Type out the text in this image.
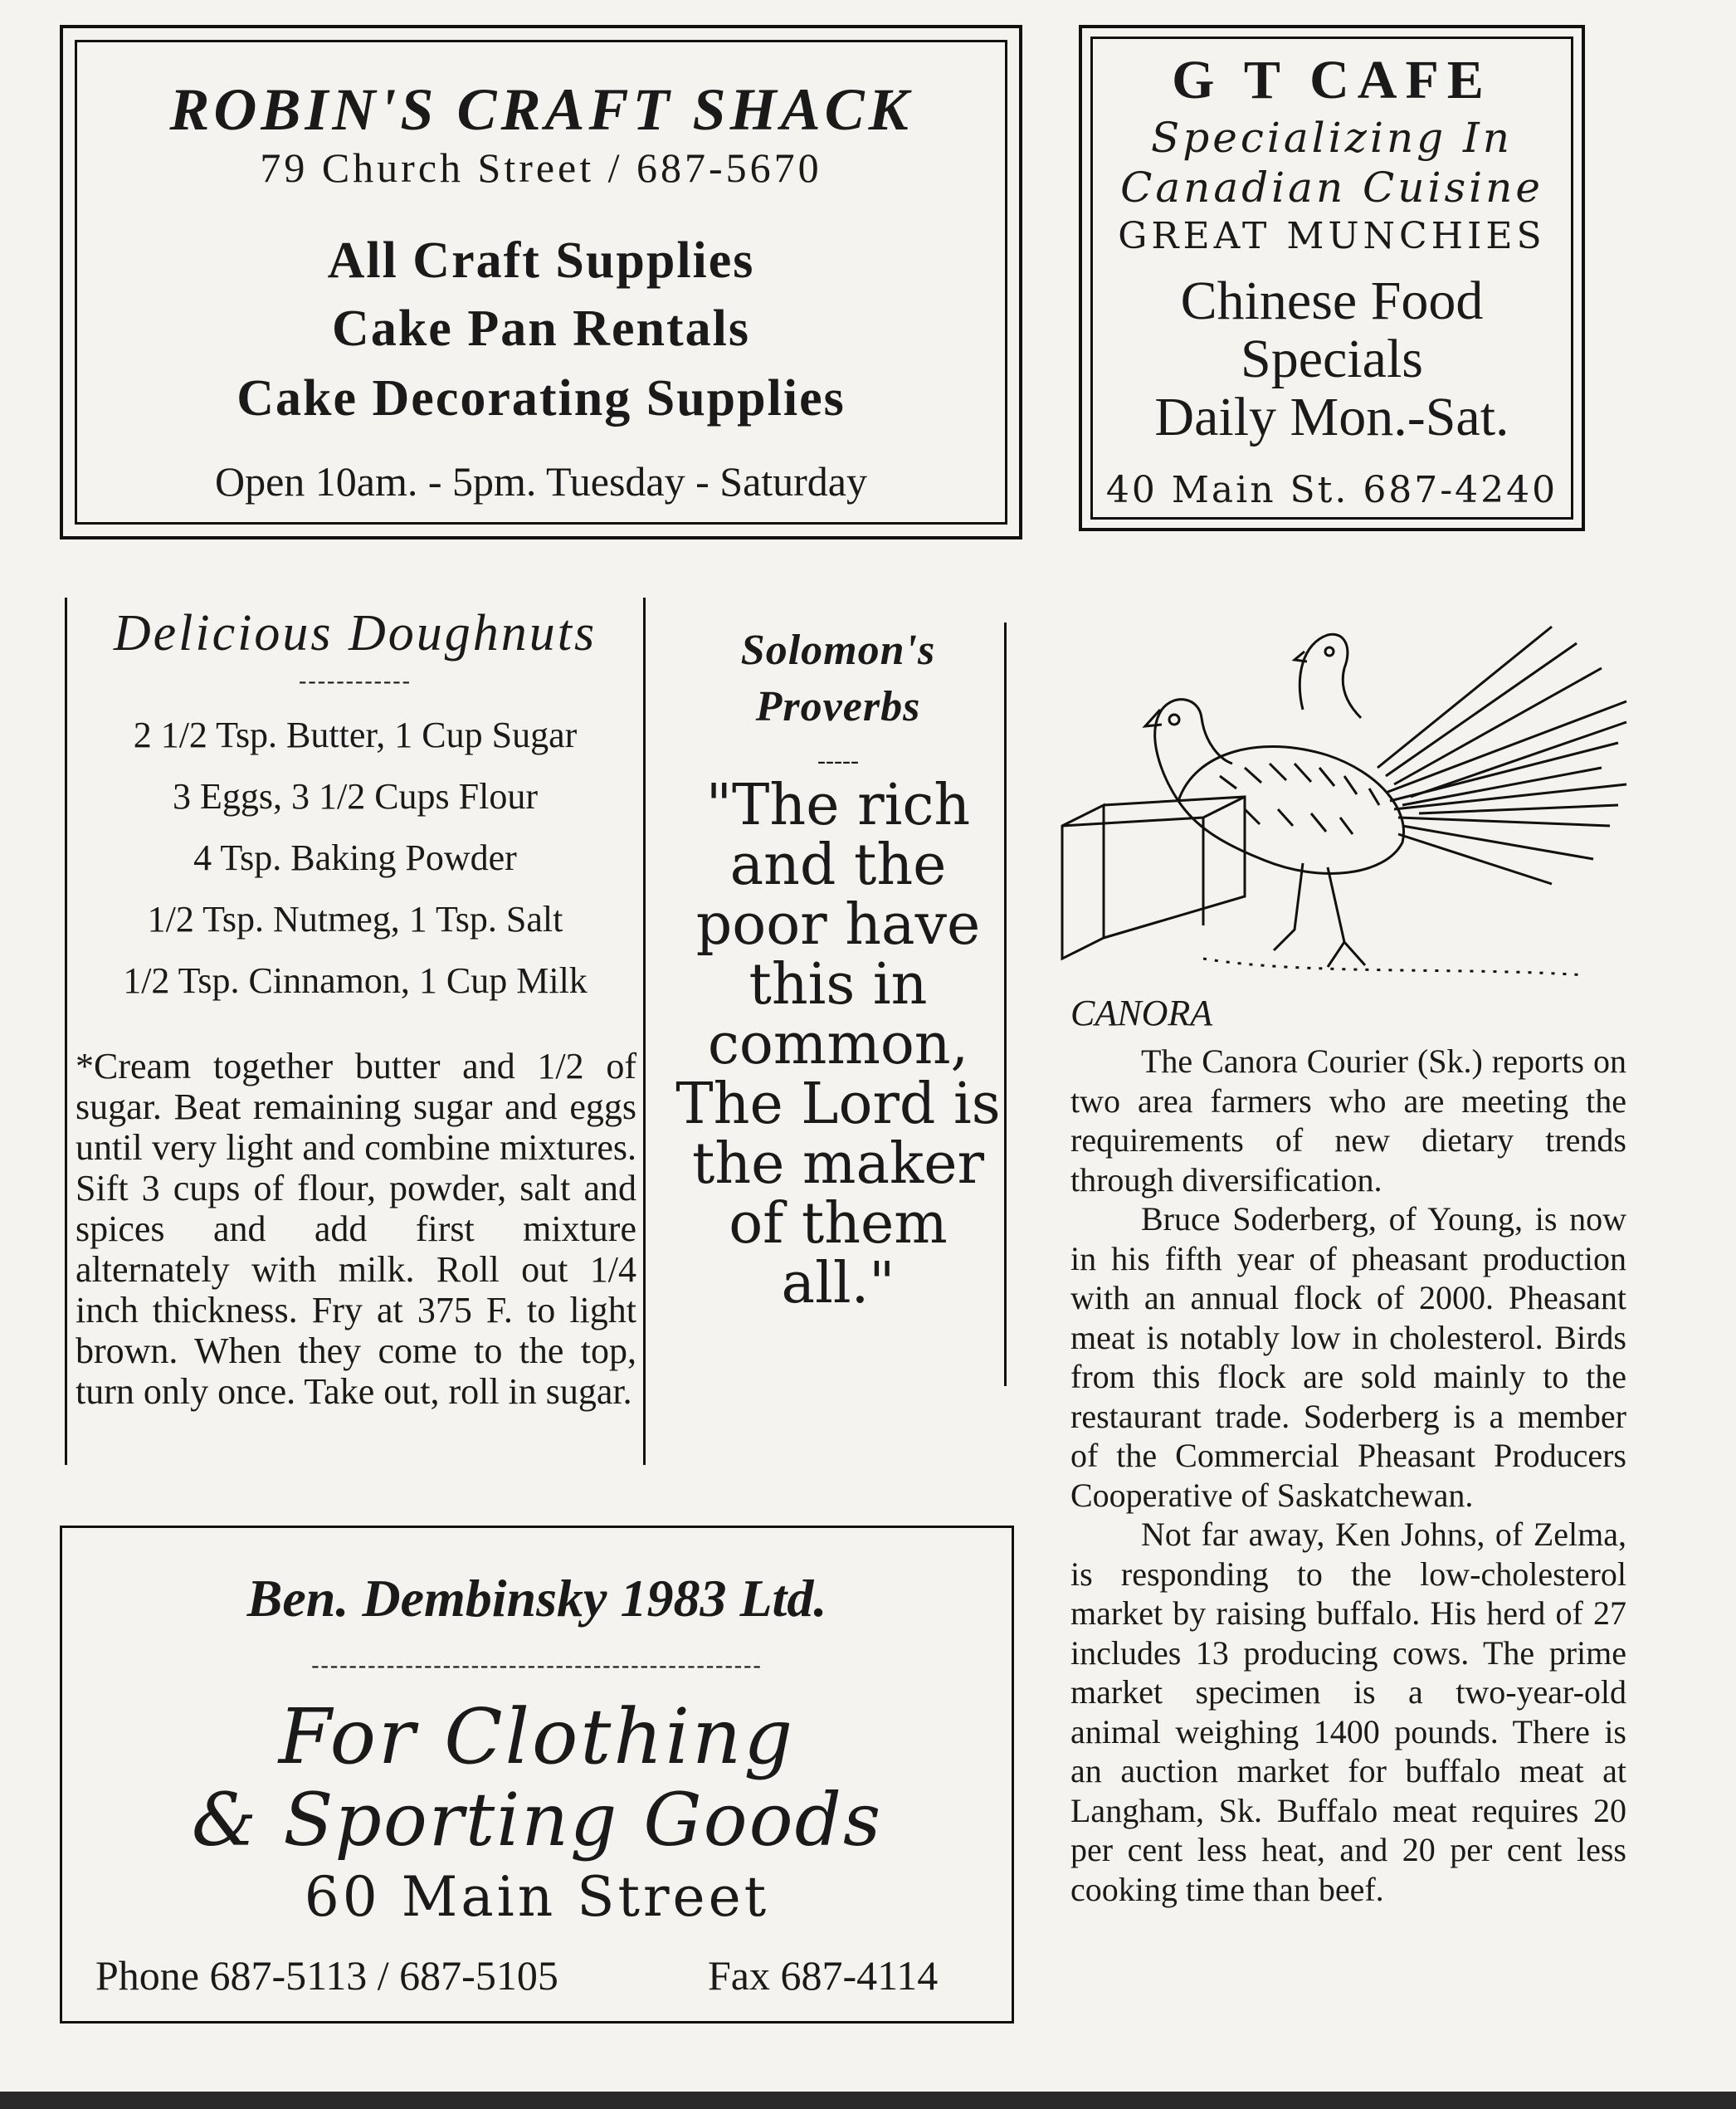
ROBIN'S CRAFT SHACK
79 Church Street / 687-5670
All Craft Supplies
Cake Pan Rentals
Cake Decorating Supplies
Open 10am. - 5pm. Tuesday - Saturday
G T CAFE
Specializing In
Canadian Cuisine
GREAT MUNCHIES
Chinese Food
Specials
Daily Mon.-Sat.
40 Main St. 687-4240
Delicious Doughnuts
------------
2 1/2 Tsp. Butter, 1 Cup Sugar
3 Eggs, 3 1/2 Cups Flour
4 Tsp. Baking Powder
1/2 Tsp. Nutmeg, 1 Tsp. Salt
1/2 Tsp. Cinnamon, 1 Cup Milk
*Cream together butter and 1/2 of sugar. Beat remaining sugar and eggs until very light and combine mixtures. Sift 3 cups of flour, powder, salt and spices and add first mixture alternately with milk. Roll out 1/4 inch thickness. Fry at 375 F. to light brown. When they come to the top, turn only once. Take out, roll in sugar.
Solomon's
Proverbs
-----
"The rich and the poor have this in common, The Lord is the maker of them all."
CANORA

The Canora Courier (Sk.) reports on two area farmers who are meeting the requirements of new dietary trends through diversification.

Bruce Soderberg, of Young, is now in his fifth year of pheasant production with an annual flock of 2000. Pheasant meat is notably low in cholesterol. Birds from this flock are sold mainly to the restaurant trade. Soderberg is a member of the Commercial Pheasant Producers Cooperative of Saskatchewan.

Not far away, Ken Johns, of Zelma, is responding to the low-cholesterol market by raising buffalo. His herd of 27 includes 13 producing cows. The prime market specimen is a two-year-old animal weighing 1400 pounds. There is an auction market for buffalo meat at Langham, Sk. Buffalo meat requires 20 per cent less heat, and 20 per cent less cooking time than beef.

Ben. Dembinsky 1983 Ltd.
------------------------------------------------
For Clothing
& Sporting Goods
60 Main Street
Phone 687-5113 / 687-5105	Fax 687-4114
